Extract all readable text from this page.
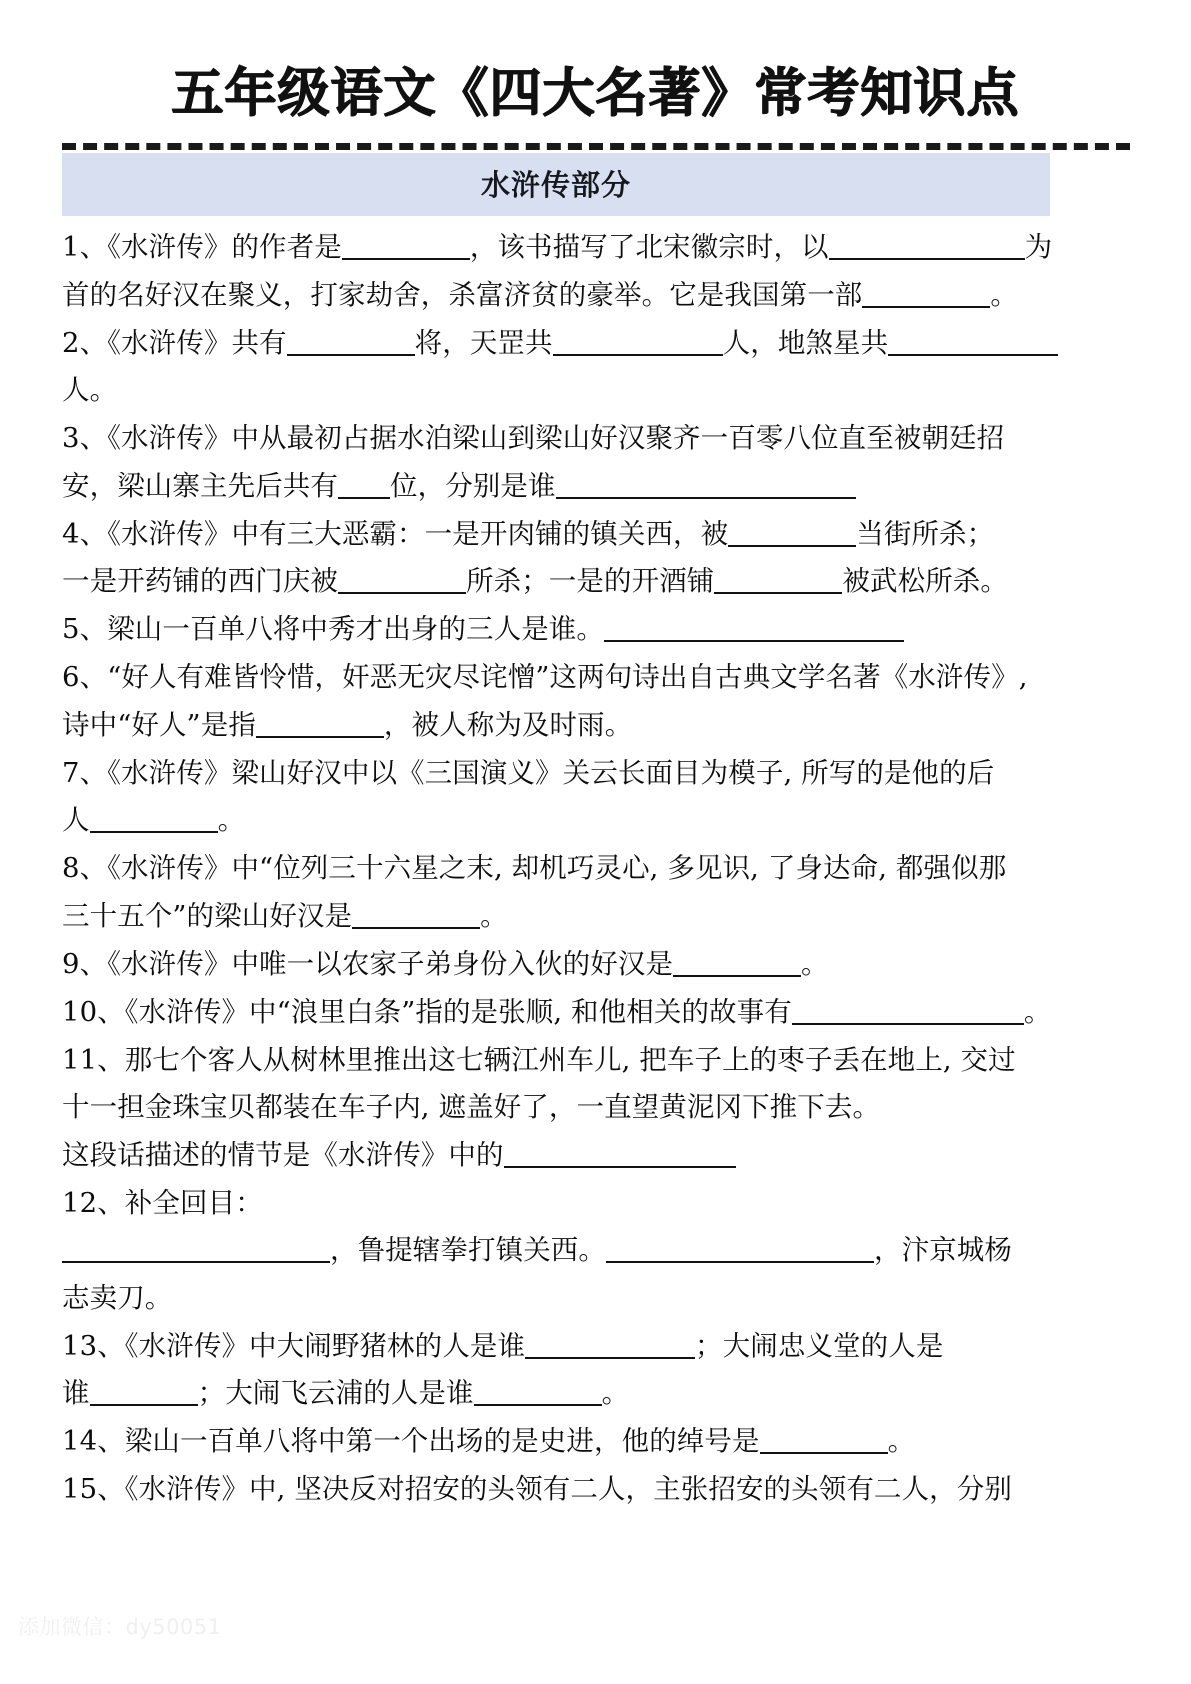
五年级语文《四大名著》常考知识点
水浒传部分
1、《水浒传》的作者是	，该书描写了北宋徽宗时，以	为
首的名好汉在聚义，打家劫舍，杀富济贫的豪举。它是我国第一部	。
2、《水浒传》共有	将，天罡共	人，地煞星共人。
3、《水浒传》中从最初占据水泊梁山到梁山好汉聚齐一百零八位直至被朝廷招
安，梁山寨主先后共有 位，分别是谁
4、《水浒传》中有三大恶霸：一是开肉铺的镇关西，被	当街所杀；
一是开药铺的西门庆被	所杀；一是的开酒铺	被武松所杀。
5、梁山一百单八将中秀才出身的三人是谁。
6、“好人有难皆怜惜，奸恶无灾尽诧憎”这两句诗出自古典文学名著《水浒传》,
诗中“好人”是指	，被人称为及时雨。
7、《水浒传》梁山好汉中以《三国演义》关云长面目为模子, 所写的是他的后
人	。
8、《水浒传》中“位列三十六星之末, 却机巧灵心, 多见识, 了身达命, 都强似那
三十五个”的梁山好汉是	。
9、《水浒传》中唯一以农家子弟身份入伙的好汉是	。
10、《水浒传》中“浪里白条”指的是张顺, 和他相关的故事有	。
11、那七个客人从树林里推出这七辆江州车儿, 把车子上的枣子丢在地上, 交过
十一担金珠宝贝都装在车子内, 遮盖好了，一直望黄泥冈下推下去。
这段话描述的情节是《水浒传》中的
12、补全回目：
，鲁提辖拳打镇关西。	，汴京城杨
志卖刀。
13、《水浒传》中大闹野猪林的人是谁	；大闹忠义堂的人是
谁	；大闹飞云浦的人是谁	。
14、梁山一百单八将中第一个出场的是史进，他的绰号是	。
15、《水浒传》中, 坚决反对招安的头领有二人，主张招安的头领有二人，分别
添加微信：dy50051
